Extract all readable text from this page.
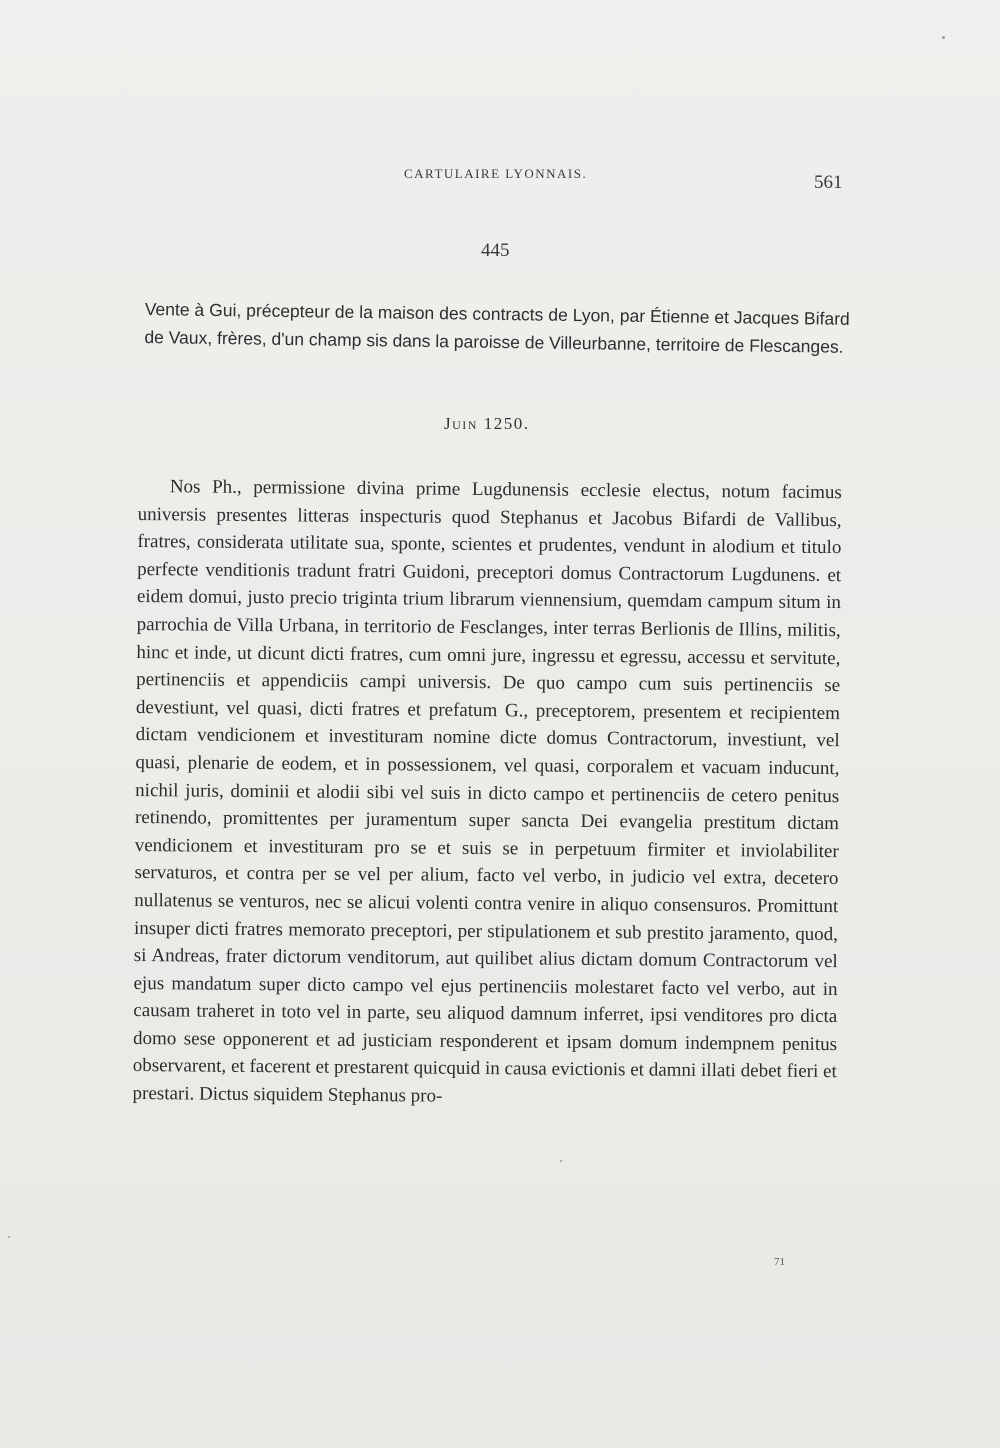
CARTULAIRE LYONNAIS.	561
445

Vente à Gui, précepteur de la maison des contracts de Lyon, par Étienne et Jacques Bifard de Vaux, frères, d'un champ sis dans la paroisse de Villeurbanne, territoire de Flescanges.

Juin 1250.

Nos Ph., permissione divina prime Lugdunensis ecclesie electus, notum facimus universis presentes litteras inspecturis quod Stephanus et Jacobus Bifardi de Vallibus, fratres, considerata utilitate sua, sponte, scientes et prudentes, vendunt in alodium et titulo perfecte venditionis tradunt fratri Guidoni, preceptori domus Contractorum Lugdunens. et eidem domui, justo precio triginta trium librarum viennensium, quemdam campum situm in parrochia de Villa Urbana, in territorio de Fesclanges, inter terras Berlionis de Illins, militis, hinc et inde, ut dicunt dicti fratres, cum omni jure, ingressu et egressu, accessu et servitute, pertinenciis et appendiciis campi universis. De quo campo cum suis pertinenciis se devestiunt, vel quasi, dicti fratres et prefatum G., preceptorem, presentem et recipientem dictam vendicionem et investituram nomine dicte domus Contractorum, investiunt, vel quasi, plenarie de eodem, et in possessionem, vel quasi, corporalem et vacuam inducunt, nichil juris, dominii et alodii sibi vel suis in dicto campo et pertinenciis de cetero penitus retinendo, promittentes per juramentum super sancta Dei evangelia prestitum dictam vendicionem et investituram pro se et suis se in perpetuum firmiter et inviolabiliter servaturos, et contra per se vel per alium, facto vel verbo, in judicio vel extra, decetero nullatenus se venturos, nec se alicui volenti contra venire in aliquo consensuros. Promittunt insuper dicti fratres memorato preceptori, per stipulationem et sub prestito jaramento, quod, si Andreas, frater dictorum venditorum, aut quilibet alius dictam domum Contractorum vel ejus mandatum super dicto campo vel ejus pertinenciis molestaret facto vel verbo, aut in causam traheret in toto vel in parte, seu aliquod damnum inferret, ipsi venditores pro dicta domo sese opponerent et ad justiciam responderent et ipsam domum indempnem penitus observarent, et facerent et prestarent quicquid in causa evictionis et damni illati debet fieri et prestari. Dictus siquidem Stephanus pro-

71
